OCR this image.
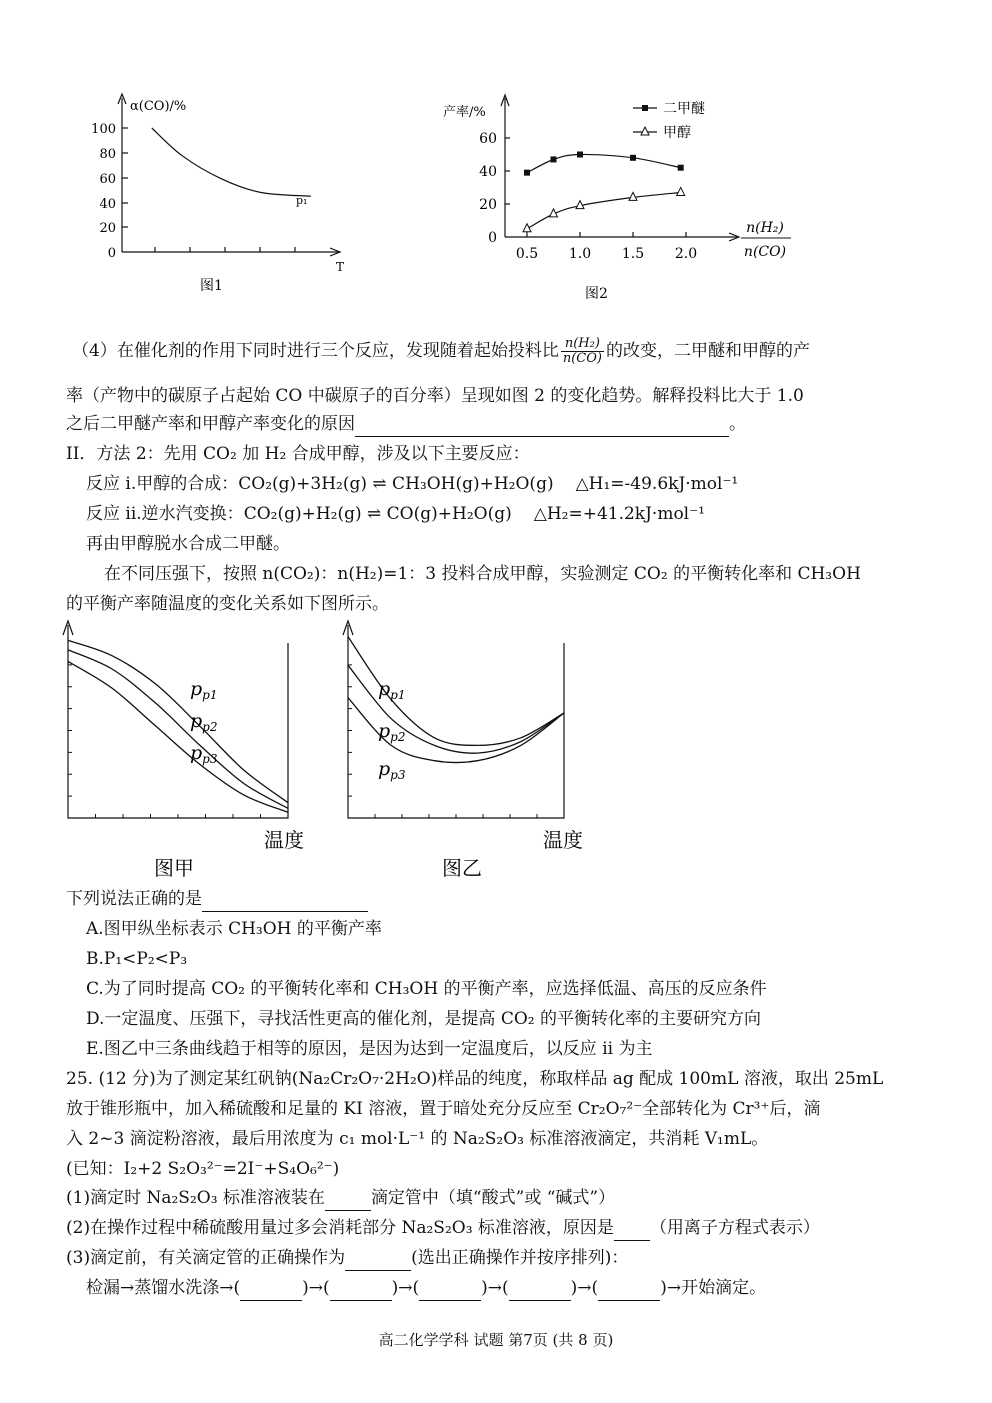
α(CO)/%
100
80
60
40
20
0
T
p₁
图1
产率/%
60
40
20
0
0.5 1.0 1.5 2.0
n(H₂)
n(CO)
二甲醚
甲醇
图2
（4）在催化剂的作用下同时进行三个反应，发现随着起始投料比 $\frac{\text{n(H₂)}}{n(CO)}$ 的改变，二甲醚和甲醇的产
率（产物中的碳原子占起始 CO 中碳原子的百分率）呈现如图 2 的变化趋势。解释投料比大于 1.0
之后二甲醚产率和甲醇产率变化的原因	。
II．方法 2：先用 CO₂ 加 H₂ 合成甲醇，涉及以下主要反应：
反应 i.甲醇的合成：CO₂(g)+3H₂(g) ⇌ CH₃OH(g)+H₂O(g) △H₁=-49.6kJ·mol⁻¹
反应 ii.逆水汽变换：CO₂(g)+H₂(g) ⇌ CO(g)+H₂O(g) △H₂=+41.2kJ·mol⁻¹
再由甲醇脱水合成二甲醚。
在不同压强下，按照 n(CO₂)：n(H₂)=1：3 投料合成甲醇，实验测定 CO₂ 的平衡转化率和 CH₃OH
的平衡产率随温度的变化关系如下图所示。
$p_{p1}$
$p_{p2}$
$p_{p3}$
温度
图甲
$p_{p1}$
$p_{p2}$
$p_{p3}$
温度
图乙
下列说法正确的是
A.图甲纵坐标表示 CH₃OH 的平衡产率
B.P₁<P₂<P₃
C.为了同时提高 CO₂ 的平衡转化率和 CH₃OH 的平衡产率，应选择低温、高压的反应条件
D.一定温度、压强下，寻找活性更高的催化剂，是提高 CO₂ 的平衡转化率的主要研究方向
E.图乙中三条曲线趋于相等的原因，是因为达到一定温度后，以反应 ii 为主
25. (12 分)为了测定某红矾钠(Na₂Cr₂O₇·2H₂O)样品的纯度，称取样品 ag 配成 100mL 溶液，取出 25mL
放于锥形瓶中，加入稀硫酸和足量的 KI 溶液，置于暗处充分反应至 Cr₂O₇²⁻全部转化为 Cr³⁺后，滴
入 2~3 滴淀粉溶液，最后用浓度为 c₁ mol·L⁻¹ 的 Na₂S₂O₃ 标准溶液滴定，共消耗 V₁mL。
(已知：I₂+2 S₂O₃²⁻=2I⁻+S₄O₆²⁻)
(1)滴定时 Na₂S₂O₃ 标准溶液装在	滴定管中（填“酸式”或 “碱式”）
(2)在操作过程中稀硫酸用量过多会消耗部分 Na₂S₂O₃ 标准溶液，原因是 （用离子方程式表示）
(3)滴定前，有关滴定管的正确操作为	(选出正确操作并按序排列)：
检漏→蒸馏水洗涤→(	)→(	)→(	)→(	)→(	)→开始滴定。
高二化学学科 试题 第7页 (共 8 页)
